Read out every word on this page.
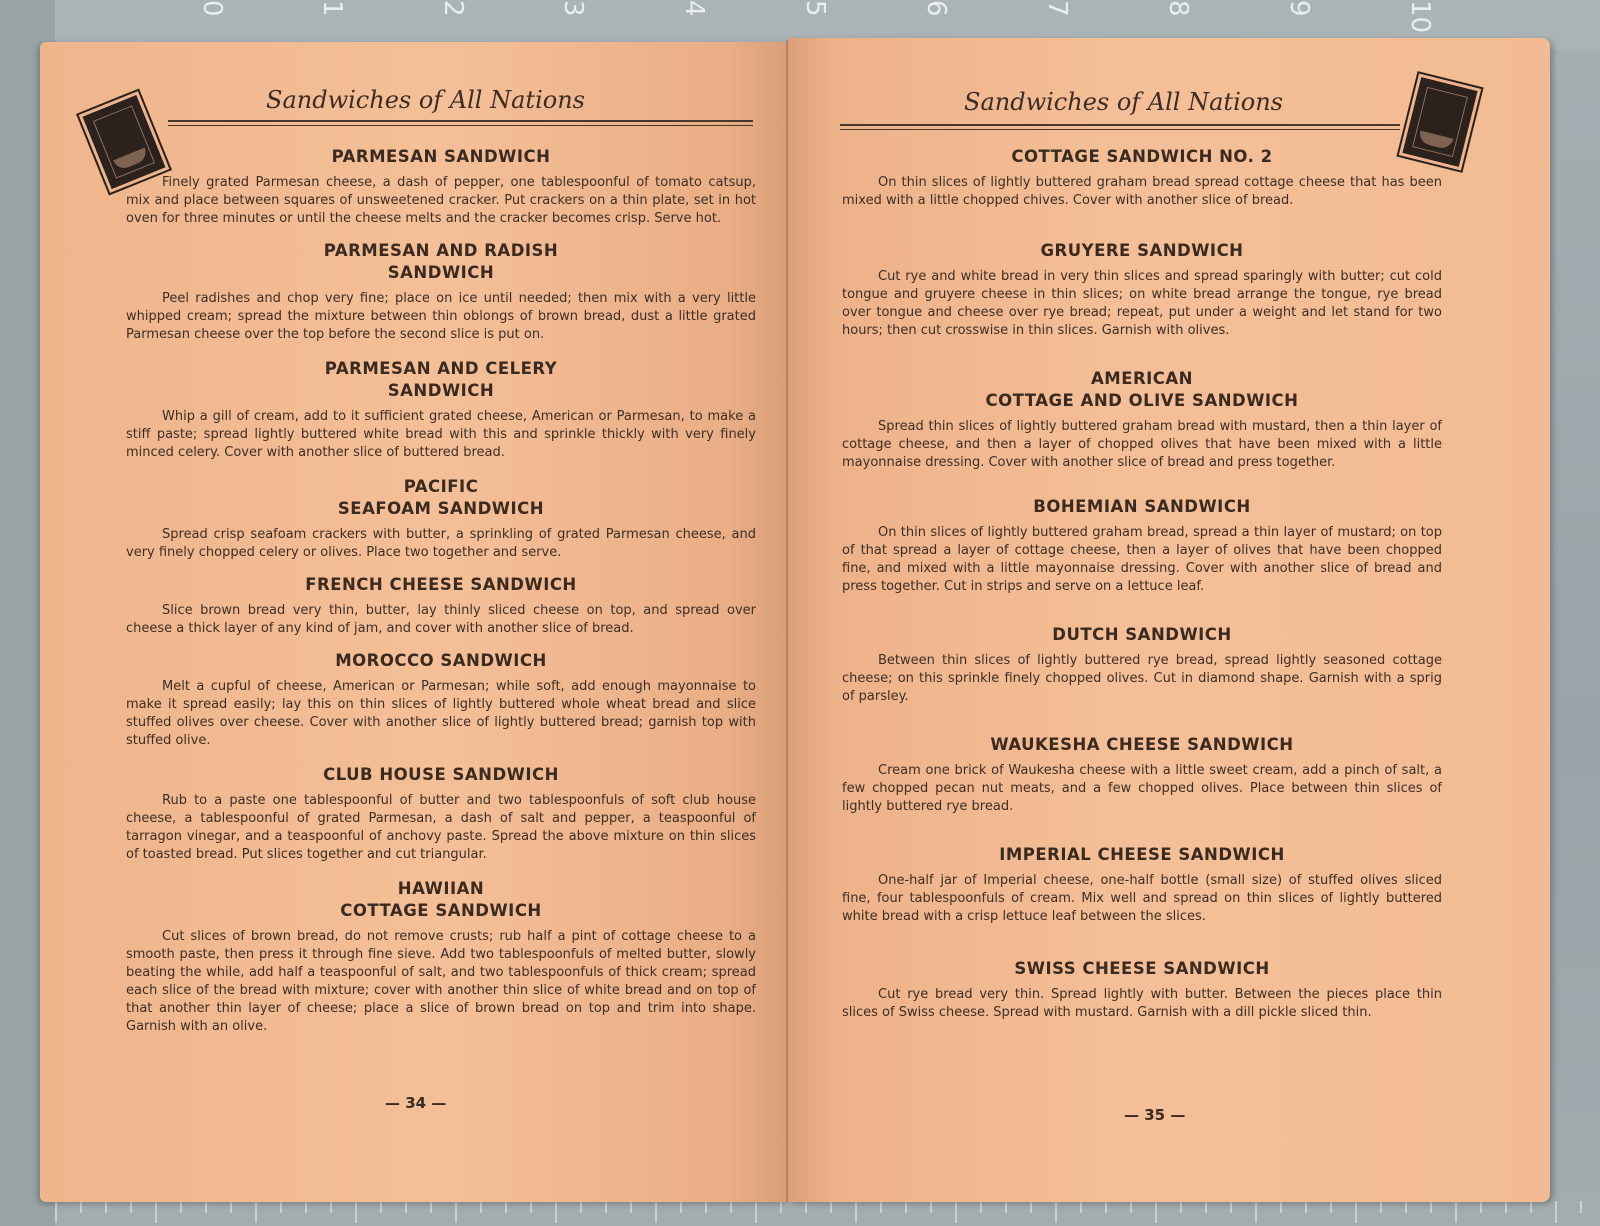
0	1	2	3	4	5	6	7	8	9	10
Sandwiches of All Nations

PARMESAN SANDWICH

Finely grated Parmesan cheese, a dash of pepper, one tablespoonful of tomato catsup, mix and place between squares of unsweetened cracker. Put crackers on a thin plate, set in hot oven for three minutes or until the cheese melts and the cracker becomes crisp. Serve hot.

PARMESAN AND RADISH
SANDWICH

Peel radishes and chop very fine; place on ice until needed; then mix with a very little whipped cream; spread the mixture between thin oblongs of brown bread, dust a little grated Parmesan cheese over the top before the second slice is put on.

PARMESAN AND CELERY
SANDWICH

Whip a gill of cream, add to it sufficient grated cheese, American or Parmesan, to make a stiff paste; spread lightly buttered white bread with this and sprinkle thickly with very finely minced celery. Cover with another slice of buttered bread.

PACIFIC
SEAFOAM SANDWICH

Spread crisp seafoam crackers with butter, a sprinkling of grated Parmesan cheese, and very finely chopped celery or olives. Place two together and serve.

FRENCH CHEESE SANDWICH

Slice brown bread very thin, butter, lay thinly sliced cheese on top, and spread over cheese a thick layer of any kind of jam, and cover with another slice of bread.

MOROCCO SANDWICH

Melt a cupful of cheese, American or Parmesan; while soft, add enough mayonnaise to make it spread easily; lay this on thin slices of lightly buttered whole wheat bread and slice stuffed olives over cheese. Cover with another slice of lightly buttered bread; garnish top with stuffed olive.

CLUB HOUSE SANDWICH

Rub to a paste one tablespoonful of butter and two tablespoonfuls of soft club house cheese, a tablespoonful of grated Parmesan, a dash of salt and pepper, a teaspoonful of tarragon vinegar, and a teaspoonful of anchovy paste. Spread the above mixture on thin slices of toasted bread. Put slices together and cut triangular.

HAWIIAN
COTTAGE SANDWICH

Cut slices of brown bread, do not remove crusts; rub half a pint of cottage cheese to a smooth paste, then press it through fine sieve. Add two tablespoonfuls of melted butter, slowly beating the while, add half a teaspoonful of salt, and two tablespoonfuls of thick cream; spread each slice of the bread with mixture; cover with another thin slice of white bread and on top of that another thin layer of cheese; place a slice of brown bread on top and trim into shape. Garnish with an olive.

— 34 —
Sandwiches of All Nations

COTTAGE SANDWICH NO. 2

On thin slices of lightly buttered graham bread spread cottage cheese that has been mixed with a little chopped chives. Cover with another slice of bread.

GRUYERE SANDWICH

Cut rye and white bread in very thin slices and spread sparingly with butter; cut cold tongue and gruyere cheese in thin slices; on white bread arrange the tongue, rye bread over tongue and cheese over rye bread; repeat, put under a weight and let stand for two hours; then cut crosswise in thin slices. Garnish with olives.

AMERICAN
COTTAGE AND OLIVE SANDWICH

Spread thin slices of lightly buttered graham bread with mustard, then a thin layer of cottage cheese, and then a layer of chopped olives that have been mixed with a little mayonnaise dressing. Cover with another slice of bread and press together.

BOHEMIAN SANDWICH

On thin slices of lightly buttered graham bread, spread a thin layer of mustard; on top of that spread a layer of cottage cheese, then a layer of olives that have been chopped fine, and mixed with a little mayonnaise dressing. Cover with another slice of bread and press together. Cut in strips and serve on a lettuce leaf.

DUTCH SANDWICH

Between thin slices of lightly buttered rye bread, spread lightly seasoned cottage cheese; on this sprinkle finely chopped olives. Cut in diamond shape. Garnish with a sprig of parsley.

WAUKESHA CHEESE SANDWICH

Cream one brick of Waukesha cheese with a little sweet cream, add a pinch of salt, a few chopped pecan nut meats, and a few chopped olives. Place between thin slices of lightly buttered rye bread.

IMPERIAL CHEESE SANDWICH

One-half jar of Imperial cheese, one-half bottle (small size) of stuffed olives sliced fine, four tablespoonfuls of cream. Mix well and spread on thin slices of lightly buttered white bread with a crisp lettuce leaf between the slices.

SWISS CHEESE SANDWICH

Cut rye bread very thin. Spread lightly with butter. Between the pieces place thin slices of Swiss cheese. Spread with mustard. Garnish with a dill pickle sliced thin.

— 35 —
